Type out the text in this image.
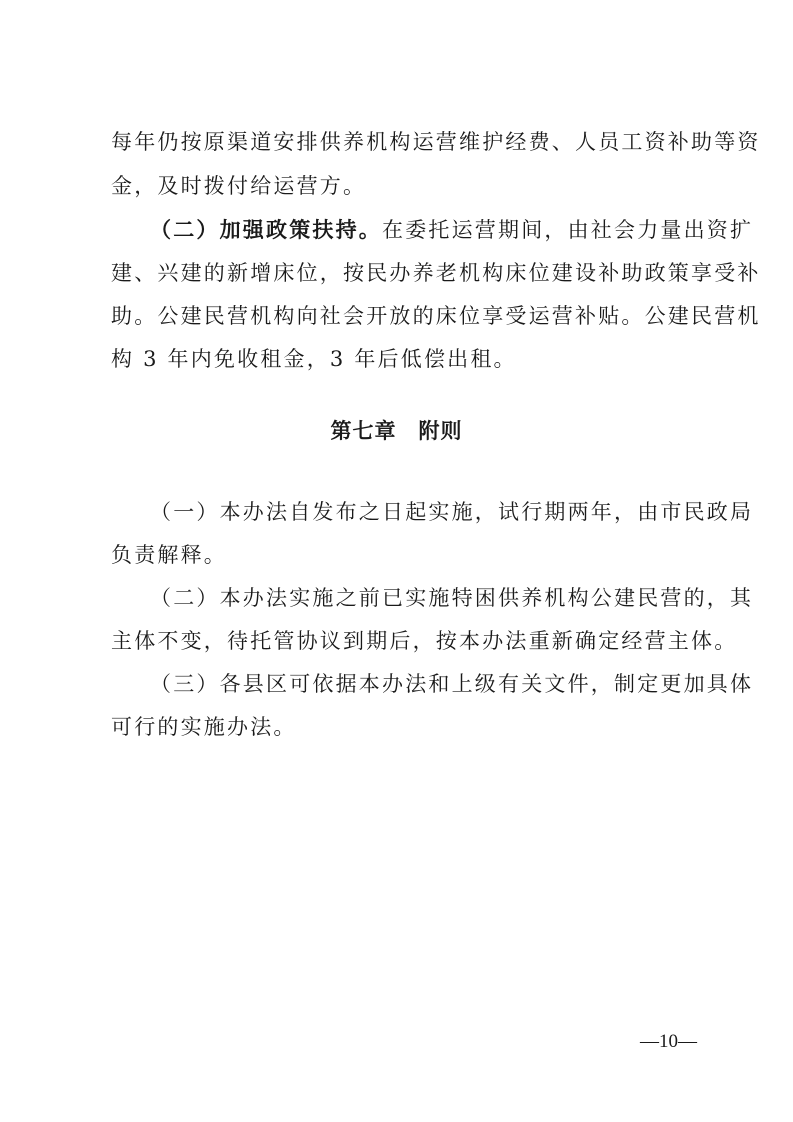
每年仍按原渠道安排供养机构运营维护经费、人员工资补助等资
金，及时拨付给运营方。
（二）加强政策扶持。在委托运营期间，由社会力量出资扩
建、兴建的新增床位，按民办养老机构床位建设补助政策享受补
助。公建民营机构向社会开放的床位享受运营补贴。公建民营机
构 3 年内免收租金，3 年后低偿出租。
第七章　附则
（一）本办法自发布之日起实施，试行期两年，由市民政局
负责解释。
（二）本办法实施之前已实施特困供养机构公建民营的，其
主体不变，待托管协议到期后，按本办法重新确定经营主体。
（三）各县区可依据本办法和上级有关文件，制定更加具体
可行的实施办法。
—10—
